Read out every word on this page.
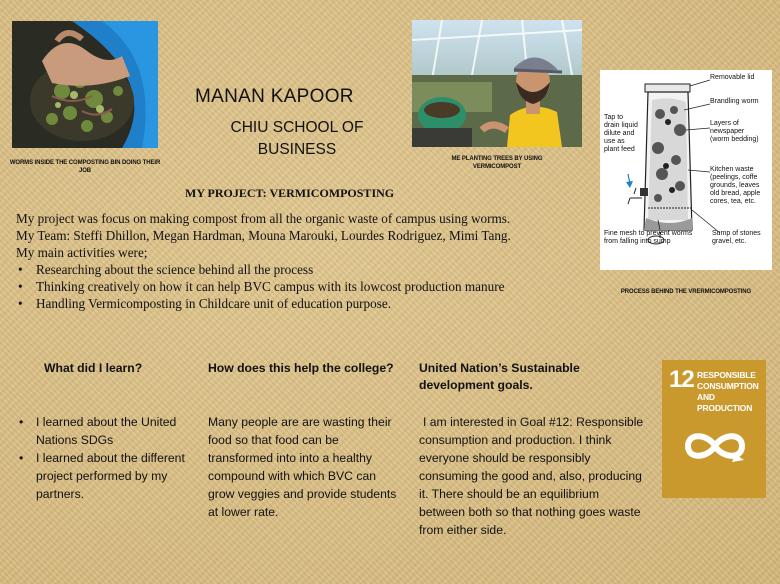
WORMS INSIDE THE COMPOSTING BIN DOING THEIR JOB
MANAN KAPOOR
CHIU SCHOOL OF
BUSINESS
ME PLANTING TREES BY USING VERMICOMPOST
MY PROJECT: VERMICOMPOSTING

My project was focus on making compost from all the organic waste of campus using worms.

My Team: Steffi Dhillon, Megan Hardman, Mouna Marouki, Lourdes Rodriguez, Mimi Tang.

My main activities were;

• Researching about the science behind all the process
• Thinking creatively on how it can help BVC campus with its lowcost production manure
• Handling Vermicomposting in Childcare unit of education purpose.
Removable lid
Brandling worm
Layers of
newspaper
(worm bedding)
Kitchen waste
(peelings, coffe
grounds, leaves
old bread, apple
cores, tea, etc.
Tap to
drain liquid
dilute and
use as
plant feed
Fine mesh to prevent worms
from falling into sump
Sump of stones
gravel, etc.
PROCESS BEHIND THE VRERMICOMPOSTING
What did I learn?
• I learned about the United Nations SDGs
• I learned about the different project performed by my partners.
How does this help the college?
Many people are are wasting their food so that food can be transformed into into a healthy compound with which BVC can grow veggies and provide students at lower rate.
United Nation’s Sustainable development goals.
I am interested in Goal #12: Responsible consumption and production. I think everyone should be responsibly consuming the good and, also, producing it. There should be an equilibrium between both so that nothing goes waste from either side.
12 RESPONSIBLE
CONSUMPTION
AND PRODUCTION
